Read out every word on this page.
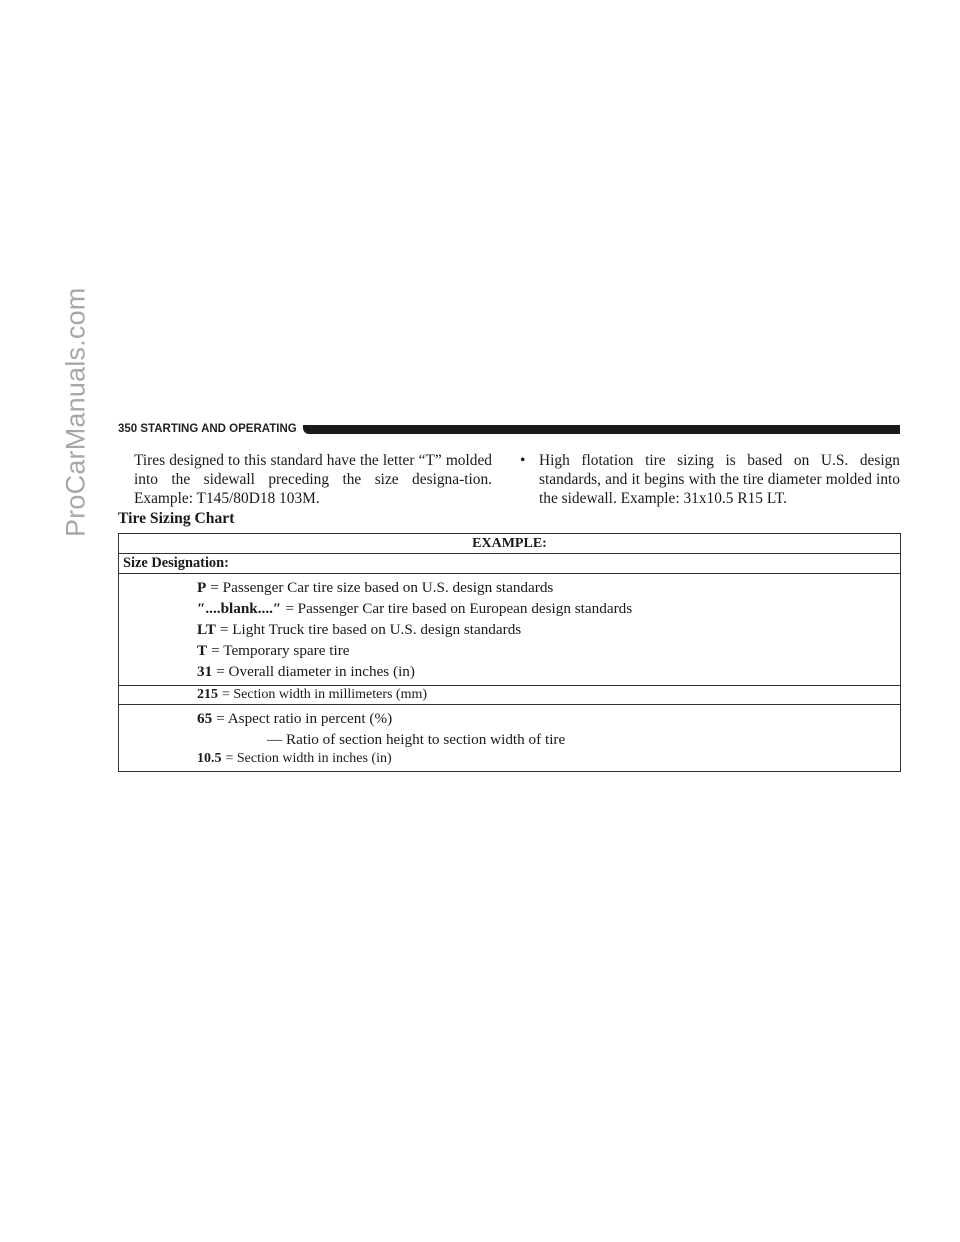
ProCarManuals.com 350 STARTING AND OPERATING
Tires designed to this standard have the letter “T” molded into the sidewall preceding the size designa-tion. Example: T145/80D18 103M.
• High flotation tire sizing is based on U.S. design standards, and it begins with the tire diameter molded into the sidewall. Example: 31x10.5 R15 LT.
Tire Sizing Chart
EXAMPLE:
Size Designation:
P = Passenger Car tire size based on U.S. design standards
″....blank....″ = Passenger Car tire based on European design standards
LT = Light Truck tire based on U.S. design standards
T = Temporary spare tire
31 = Overall diameter in inches (in)
215 = Section width in millimeters (mm)
65 = Aspect ratio in percent (%)
— Ratio of section height to section width of tire
10.5 = Section width in inches (in)
